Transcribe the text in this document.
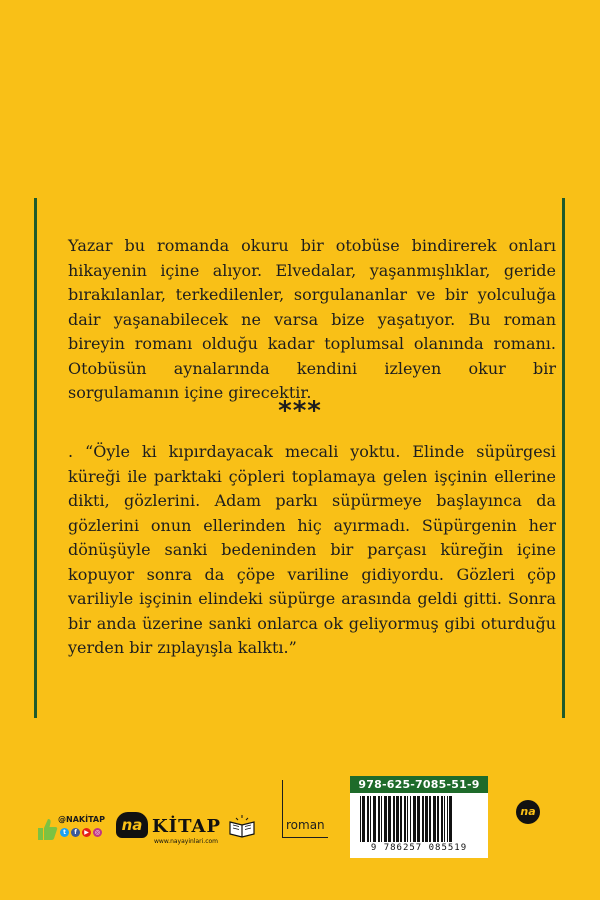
Yazar bu romanda okuru bir otobüse bindirerek onları hikayenin içine alıyor. Elvedalar, yaşanmışlıklar, geride bırakılanlar, terkedilenler, sorgulananlar ve bir yolculuğa dair yaşanabilecek ne varsa bize yaşatıyor. Bu roman bireyin romanı olduğu kadar toplumsal olanında romanı. Otobüsün aynalarında kendini izleyen okur bir sorgulamanın içine girecektir.

***

. “Öyle ki kıpırdayacak mecali yoktu. Elinde süpürgesi küreği ile parktaki çöpleri toplamaya gelen işçinin ellerine dikti, gözlerini. Adam parkı süpürmeye başlayınca da gözlerini onun ellerinden hiç ayırmadı. Süpürgenin her dönüşüyle sanki bedeninden bir parçası küreğin içine kopuyor sonra da çöpe variline gidiyordu. Gözleri çöp variliyle işçinin elindeki süpürge arasında geldi gitti. Sonra bir anda üzerine sanki onlarca ok geliyormuş gibi oturduğu yerden bir zıplayışla kalktı.”

@NAKİTAP
t	f	▶	◎	na KİTAP
www.nayayinlari.com
roman
978-625-7085-51-9
9 786257 085519
na
